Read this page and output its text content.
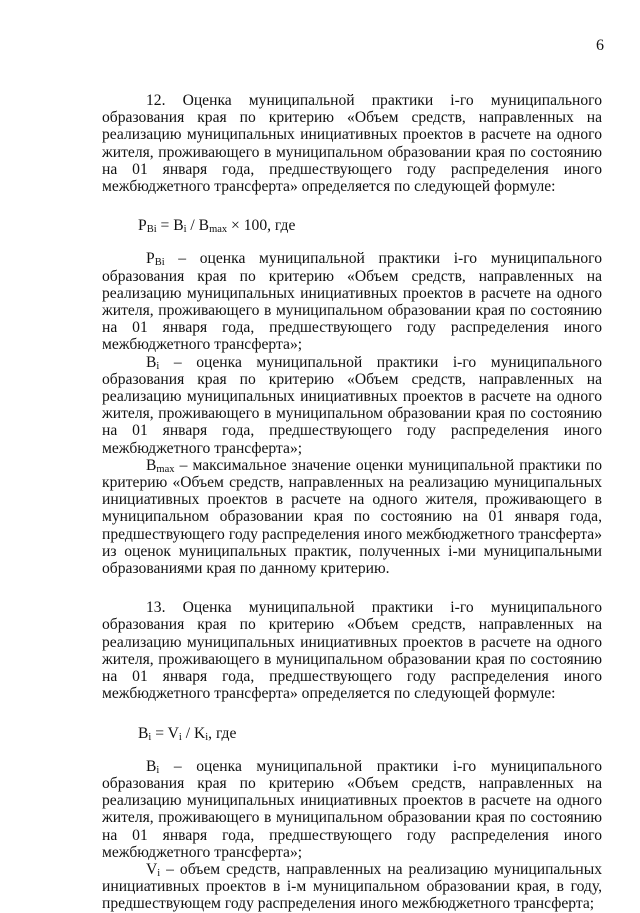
6

12. Оценка муниципальной практики i-го муниципального образования края по критерию «Объем средств, направленных на реализацию муниципальных инициативных проектов в расчете на одного жителя, проживающего в муниципальном образовании края по состоянию на 01 января года, предшествующего году распределения иного межбюджетного трансферта» определяется по следующей формуле:

$P_{Bi} = B_i / B_{max} \times 100$, где

$P_{Bi}$ – оценка муниципальной практики i-го муниципального образования края по критерию «Объем средств, направленных на реализацию муниципальных инициативных проектов в расчете на одного жителя, проживающего в муниципальном образовании края по состоянию на 01 января года, предшествующего году распределения иного межбюджетного трансферта»;

$B_i$ – оценка муниципальной практики i-го муниципального образования края по критерию «Объем средств, направленных на реализацию муниципальных инициативных проектов в расчете на одного жителя, проживающего в муниципальном образовании края по состоянию на 01 января года, предшествующего году распределения иного межбюджетного трансферта»;

$B_{max}$ – максимальное значение оценки муниципальной практики по критерию «Объем средств, направленных на реализацию муниципальных инициативных проектов в расчете на одного жителя, проживающего в муниципальном образовании края по состоянию на 01 января года, предшествующего году распределения иного межбюджетного трансферта» из оценок муниципальных практик, полученных i-ми муниципальными образованиями края по данному критерию.

13. Оценка муниципальной практики i-го муниципального образования края по критерию «Объем средств, направленных на реализацию муниципальных инициативных проектов в расчете на одного жителя, проживающего в муниципальном образовании края по состоянию на 01 января года, предшествующего году распределения иного межбюджетного трансферта» определяется по следующей формуле:

$B_i = V_i / K_i$, где

$B_i$ – оценка муниципальной практики i-го муниципального образования края по критерию «Объем средств, направленных на реализацию муниципальных инициативных проектов в расчете на одного жителя, проживающего в муниципальном образовании края по состоянию на 01 января года, предшествующего году распределения иного межбюджетного трансферта»;

$V_i$ – объем средств, направленных на реализацию муниципальных инициативных проектов в i-м муниципальном образовании края, в году, предшествующем году распределения иного межбюджетного трансферта;
